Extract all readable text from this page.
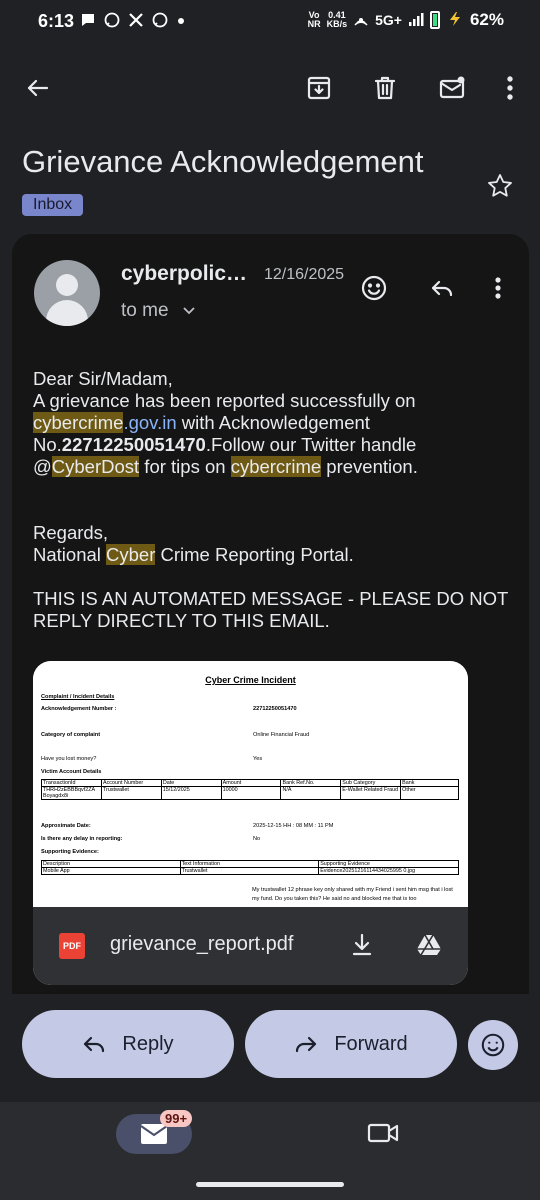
6:13	Vo
NR
0.41
KB/s 5G+	62%
Grievance Acknowledgement
Inbox
cyberpolic… 12/16/2025
to me

Dear Sir/Madam,

A grievance has been reported successfully on cybercrime.gov.in with Acknowledgement No.22712250051470.Follow our Twitter handle @CyberDost for tips on cybercrime prevention.

Regards,

National Cyber Crime Reporting Portal.

THIS IS AN AUTOMATED MESSAGE - PLEASE DO NOT REPLY DIRECTLY TO THIS EMAIL.

Cyber Crime Incident
Complaint / Incident Details
Acknowledgement Number :	22712250051470
Category of complaint	Online Financial Fraud
Have you lost money?	Yes
Victim Account Details
TransactionId	Account Number	Date	Amount	Bank Ref.No.	Sub Category	Bank
THRH2zEBBBqvf2ZA Boyagdx8i	Trustwallet	15/12/2025	10000	N/A	E-Wallet Related Fraud	Other
Approximate Date:	2025-12-15 HH : 08 MM : 11 PM
Is there any delay in reporting:	No
Supporting Evidence:
Description	Text Information	Supporting Evidence
Mobile App	Trustwallet	Evidence20251216114434025995 0.jpg
My trustwallet 12 phrase key only shared with my Friend i sent him msg that i lost my fund. Do you taken this? He said no and blocked me that is too
PDF grievance_report.pdf
Reply	Forward
99+
